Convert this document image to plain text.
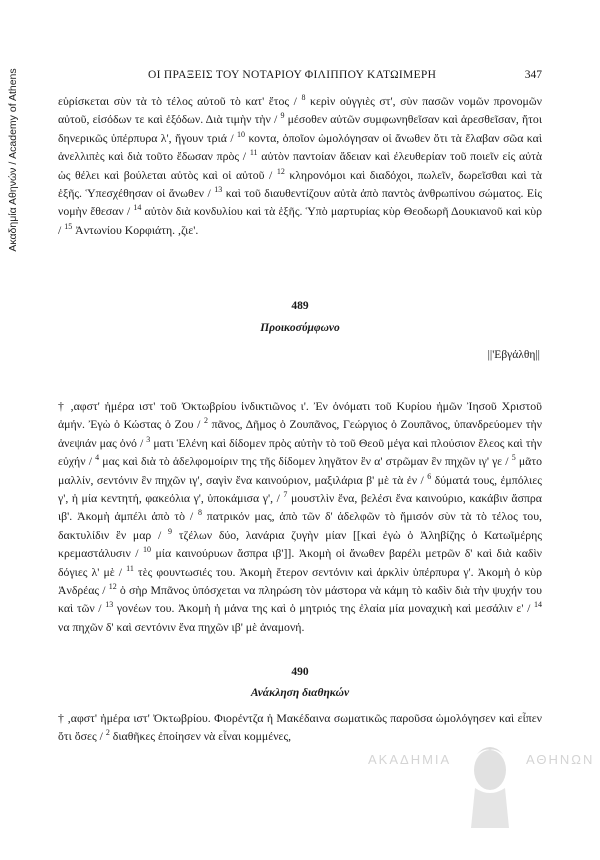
Ακαδημία Αθηνών / Academy of Athens	ΟΙ ΠΡΑΞΕΙΣ ΤΟΥ ΝΟΤΑΡΙΟΥ ΦΙΛΙΠΠΟΥ ΚΑΤΩΙΜΕΡΗ	347

εὑρίσκεται σὺν τὰ τὸ τέλος αὐτοῦ τὸ κατ' ἔτος / $^8$ κερὶν οὐγγιὲς στ', σὺν πασῶν νομῶν προνομῶν αὐτοῦ, εἰσόδων τε καὶ ἐξόδων. Διὰ τιμὴν τὴν / $^9$ μέσοθεν αὐτῶν συμφωνηθεῖσαν καὶ ἀρεσθεῖσαν, ἤτοι δηνερικῶς ὑπέρπυρα λ', ἤγουν τριά / $^{10}$ κοντα, ὁποῖον ὡμολόγησαν οἱ ἄνωθεν ὅτι τὰ ἔλαβαν σῶα καὶ ἀνελλιπὲς καὶ διὰ τοῦτο ἔδωσαν πρὸς / $^{11}$ αὐτὸν παντοίαν ἄδειαν καὶ ἐλευθερίαν τοῦ ποιεῖν εἰς αὐτὰ ὡς θέλει καὶ βούλεται αὐτὸς καὶ οἱ αὐτοῦ / $^{12}$ κληρονόμοι καὶ διαδόχοι, πωλεῖν, δωρεῖσθαι καὶ τὰ ἑξῆς. Ὑπεσχέθησαν οἱ ἄνωθεν / $^{13}$ καὶ τοῦ διαυθεντίζουν αὐτὰ ἀπὸ παντὸς ἀνθρωπίνου σώματος. Εἰς νομὴν ἔθεσαν / $^{14}$ αὐτὸν διὰ κονδυλίου καὶ τὰ ἑξῆς. Ὑπὸ μαρτυρίας κὺρ Θεοδωρῆ Δουκιανοῦ καὶ κὺρ / $^{15}$ Ἀντωνίου Κορφιάτη. ,ζιε'.

489
Προικοσύμφωνο
||'Εβγάλθη||

† ,αφστ' ἡμέρα ιστ' τοῦ Ὀκτωβρίου ἰνδικτιῶνος ι'. Ἐν ὀνόματι τοῦ Κυρίου ἡμῶν Ἰησοῦ Χριστοῦ ἀμήν. Ἐγὼ ὁ Κώστας ὁ Ζου / $^2$ πᾶνος, Δῆμος ὁ Ζουπᾶνος, Γεώργιος ὁ Ζουπᾶνος, ὑπανδρεύομεν τὴν ἀνεψιάν μας ὀνό / $^3$ ματι Ἑλένη καὶ δίδομεν πρὸς αὐτὴν τὸ τοῦ Θεοῦ μέγα καὶ πλούσιον ἔλεος καὶ τὴν εὐχήν / $^4$ μας καὶ διὰ τὸ ἀδελφομοίριν της τῆς δίδομεν ληγᾶτον ἓν α' στρῶμαν ἓν πηχῶν ιγ' γε / $^5$ μᾶτο μαλλίν, σεντόνιν ἓν πηχῶν ιγ', σαγὶν ἕνα καινούριον, μαξιλάρια β' μὲ τὰ ἐν / $^6$ δύματά τους, ἐμπόλιες γ', ἡ μία κεντητή, φακεόλια γ', ὑποκάμισα γ', / $^7$ μουστλὶν ἕνα, βελέσι ἕνα καινούριο, κακάβιν ἄσπρα ιβ'. Ἀκομὴ ἀμπέλι ἀπὸ τὸ / $^8$ πατρικόν μας, ἀπὸ τῶν δ' ἀδελφῶν τὸ ἥμισόν σὺν τὰ τὸ τέλος του, δακτυλίδιν ἓν μαρ / $^9$ τζέλων δύο, λανάρια ζυγὴν μίαν [[καὶ ἐγὼ ὁ Ἀληβίζης ὁ Κατωῖμέρης κρεμαστάλυσιν / $^{10}$ μία καινούρυων ἄσπρα ιβ']]. Ἀκομὴ οἱ ἄνωθεν βαρέλι μετρῶν δ' καὶ διὰ καδὶν δόγιες λ' μὲ / $^{11}$ τὲς φουντωσιές του. Ἀκομὴ ἕτερον σεντόνιν καὶ ἀρκλὶν ὑπέρπυρα γ'. Ἀκομὴ ὁ κὺρ Ἀνδρέας / $^{12}$ ὁ σὴρ Μπᾶνος ὑπόσχεται να πληρώση τὸν μάστορα νὰ κάμη τὸ καδὶν διὰ τὴν ψυχήν του καὶ τῶν / $^{13}$ γονέων του. Ἀκομὴ ἡ μάνα της καὶ ὁ μητριός της ἐλαία μία μοναχικὴ καὶ μεσάλιν ε' / $^{14}$ να πηχῶν δ' καὶ σεντόνιν ἕνα πηχῶν ιβ' μὲ ἀναμονή.

490
Ανάκληση διαθηκών

† ,αφστ' ἡμέρα ιστ' Ὀκτωβρίου. Φιορέντζα ἡ Μακέδαινα σωματικῶς παροῦσα ὡμολόγησεν καὶ εἶπεν ὅτι ὅσες / $^2$ διαθῆκες ἐποίησεν νὰ εἶναι κομμένες,

ΑΚΑΔΗΜΙΑ	ΑΘΗΝΩΝ
